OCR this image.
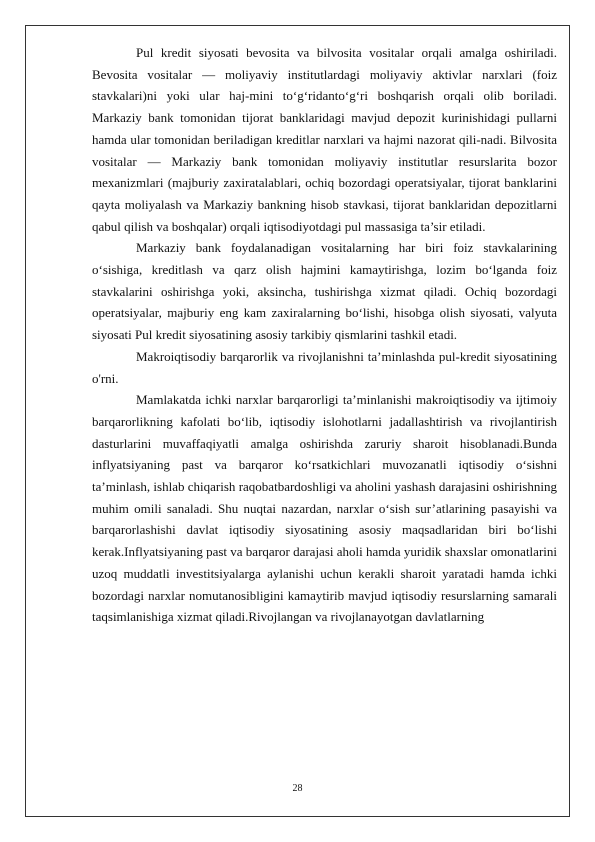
Pul kredit siyosati bevosita va bilvosita vositalar orqali amalga oshiriladi. Bevosita vositalar — moliyaviy institutlardagi moliyaviy aktivlar narxlari (foiz stavkalari)ni yoki ular haj-mini to‘g‘ridanto‘g‘ri boshqarish orqali olib boriladi. Markaziy bank tomonidan tijorat banklaridagi mavjud depozit kurinishidagi pullarni hamda ular tomonidan beriladigan kreditlar narxlari va hajmi nazorat qili-nadi. Bilvosita vositalar — Markaziy bank tomonidan moliyaviy institutlar resurslarita bozor mexanizmlari (majburiy zaxiratalablari, ochiq bozordagi operatsiyalar, tijorat banklarini qayta moliyalash va Markaziy bankning hisob stavkasi, tijorat banklaridan depozitlarni qabul qilish va boshqalar) orqali iqtisodiyotdagi pul massasiga ta’sir etiladi.

Markaziy bank foydalanadigan vositalarning har biri foiz stavkalarining o‘sishiga, kreditlash va qarz olish hajmini kamaytirishga, lozim bo‘lganda foiz stavkalarini oshirishga yoki, aksincha, tushirishga xizmat qiladi. Ochiq bozordagi operatsiyalar, majburiy eng kam zaxiralarning bo‘lishi, hisobga olish siyosati, valyuta siyosati Pul kredit siyosatining asosiy tarkibiy qismlarini tashkil etadi.

Makroiqtisodiy barqarorlik va rivojlanishni ta’minlashda pul-kredit siyosatining o'rni.

Mamlakatda ichki narxlar barqarorligi ta’minlanishi makroiqtisodiy va ijtimoiy barqarorlikning kafolati bo‘lib, iqtisodiy islohotlarni jadallashtirish va rivojlantirish dasturlarini muvaffaqiyatli amalga oshirishda zaruriy sharoit hisoblanadi.Bunda inflyatsiyaning past va barqaror ko‘rsatkichlari muvozanatli iqtisodiy o‘sishni ta’minlash, ishlab chiqarish raqobatbardoshligi va aholini yashash darajasini oshirishning muhim omili sanaladi. Shu nuqtai nazardan, narxlar o‘sish sur’atlarining pasayishi va barqarorlashishi davlat iqtisodiy siyosatining asosiy maqsadlaridan biri bo‘lishi kerak.Inflyatsiyaning past va barqaror darajasi aholi hamda yuridik shaxslar omonatlarini uzoq muddatli investitsiyalarga aylanishi uchun kerakli sharoit yaratadi hamda ichki bozordagi narxlar nomutanosibligini kamaytirib mavjud iqtisodiy resurslarning samarali taqsimlanishiga xizmat qiladi.Rivojlangan va rivojlanayotgan davlatlarning

28
